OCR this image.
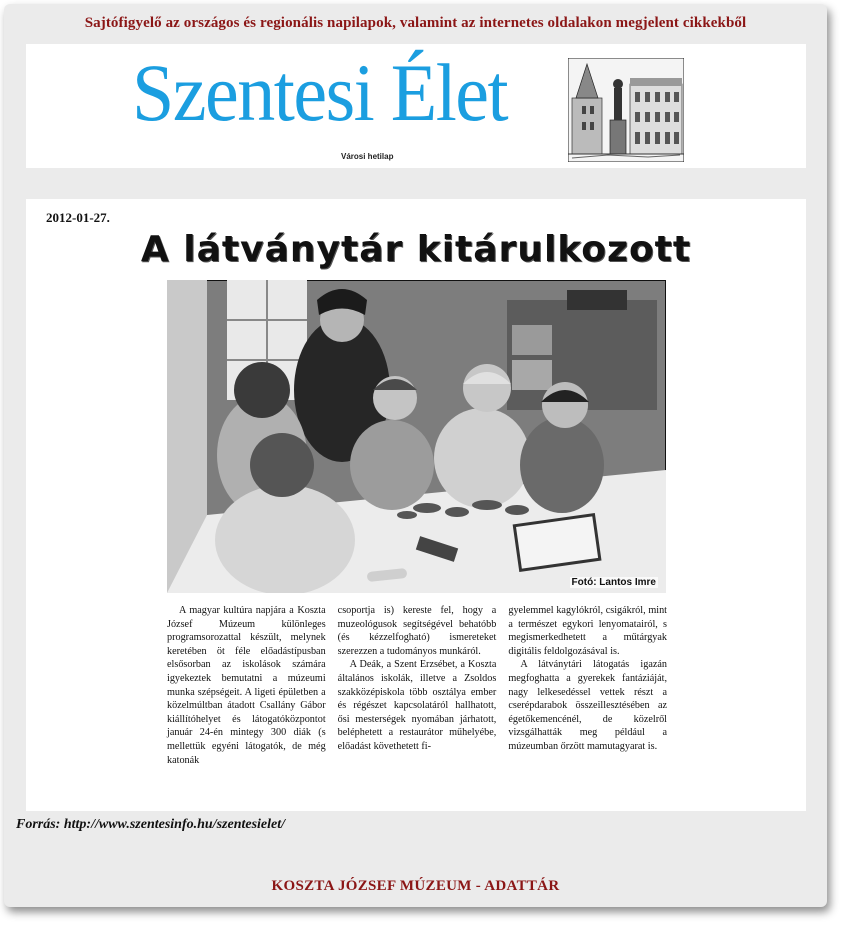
Sajtófigyelő az országos és regionális napilapok, valamint az internetes oldalakon megjelent cikkekből
Szentesi Élet
Városi hetilap
2012-01-27.
A látványtár kitárulkozott
Fotó: Lantos Imre

A magyar kultúra napjára a Koszta József Múzeum különleges programsorozattal készült, melynek keretében öt féle előadástípusban elsősorban az iskolások számára igyekeztek bemutatni a múzeumi munka szépségeit. A ligeti épületben a közelmúltban átadott Csallány Gábor kiállítóhelyet és látogatóközpontot január 24-én mintegy 300 diák (s mellettük egyéni látogatók, de még katonák

csoportja is) kereste fel, hogy a muzeológusok segítségével behatóbb (és kézzelfogható) ismereteket szerezzen a tudományos munkáról.

A Deák, a Szent Erzsébet, a Koszta általános iskolák, illetve a Zsoldos szakközépiskola több osztálya ember és régészet kapcsolatáról hallhatott, ősi mesterségek nyomában járhatott, beléphetett a restaurátor műhelyébe, előadást követhetett fi-

gyelemmel kagylókról, csigákról, mint a természet egykori lenyomatairól, s megismerkedhetett a műtárgyak digitális feldolgozásával is.

A látványtári látogatás igazán megfoghatta a gyerekek fantáziáját, nagy lelkesedéssel vettek részt a cserépdarabok összeillesztésében az égetőkemencénél, de közelről vizsgálhatták meg például a múzeumban őrzött mamutagyarat is.

Forrás: http://www.szentesinfo.hu/szentesielet/
KOSZTA JÓZSEF MÚZEUM - ADATTÁR
